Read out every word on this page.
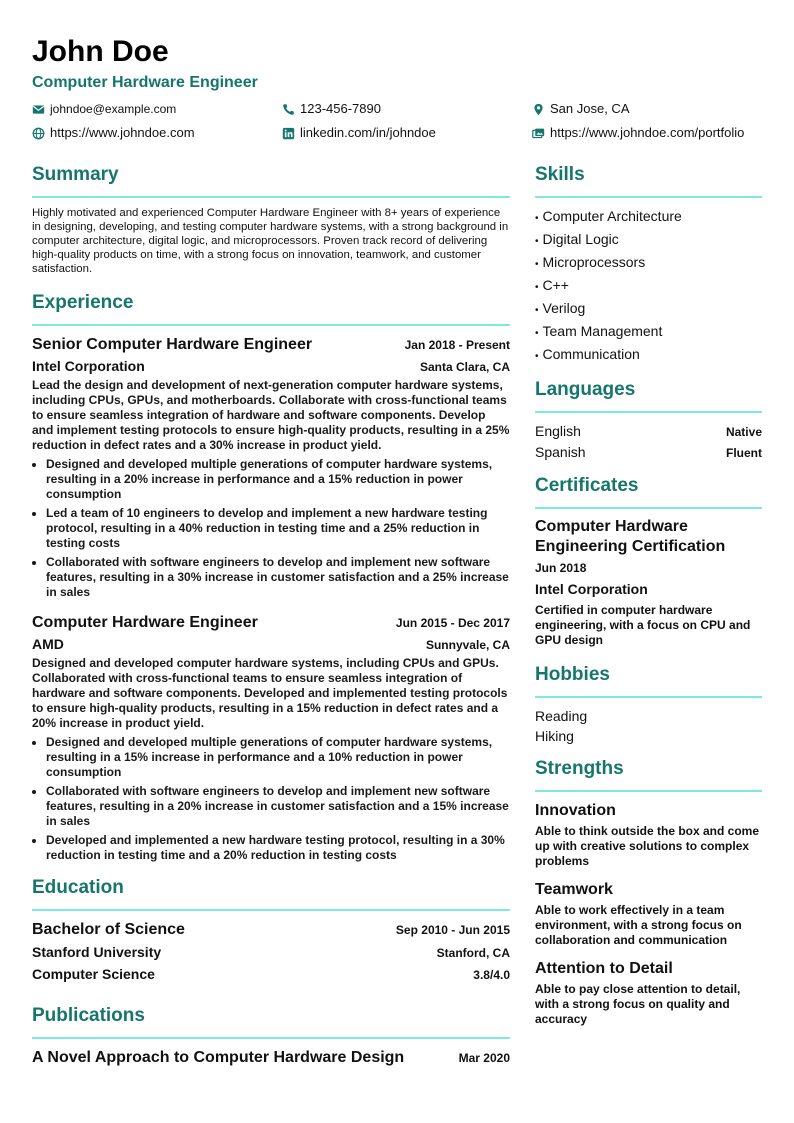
John Doe
Computer Hardware Engineer
johndoe@example.com	123-456-7890	San Jose, CA
https://www.johndoe.com	linkedin.com/in/johndoe	https://www.johndoe.com/portfolio
Summary

Highly motivated and experienced Computer Hardware Engineer with 8+ years of experience in designing, developing, and testing computer hardware systems, with a strong background in computer architecture, digital logic, and microprocessors. Proven track record of delivering high-quality products on time, with a strong focus on innovation, teamwork, and customer satisfaction.

Experience
Senior Computer Hardware Engineer	Jan 2018 - Present
Intel Corporation	Santa Clara, CA
Lead the design and development of next-generation computer hardware systems, including CPUs, GPUs, and motherboards. Collaborate with cross-functional teams to ensure seamless integration of hardware and software components. Develop and implement testing protocols to ensure high-quality products, resulting in a 25% reduction in defect rates and a 30% increase in product yield.
• Designed and developed multiple generations of computer hardware systems, resulting in a 20% increase in performance and a 15% reduction in power consumption
• Led a team of 10 engineers to develop and implement a new hardware testing protocol, resulting in a 40% reduction in testing time and a 25% reduction in testing costs
• Collaborated with software engineers to develop and implement new software features, resulting in a 30% increase in customer satisfaction and a 25% increase in sales
Computer Hardware Engineer	Jun 2015 - Dec 2017
AMD	Sunnyvale, CA
Designed and developed computer hardware systems, including CPUs and GPUs. Collaborated with cross-functional teams to ensure seamless integration of hardware and software components. Developed and implemented testing protocols to ensure high-quality products, resulting in a 15% reduction in defect rates and a 20% increase in product yield.
• Designed and developed multiple generations of computer hardware systems, resulting in a 15% increase in performance and a 10% reduction in power consumption
• Collaborated with software engineers to develop and implement new software features, resulting in a 20% increase in customer satisfaction and a 15% increase in sales
• Developed and implemented a new hardware testing protocol, resulting in a 30% reduction in testing time and a 20% reduction in testing costs
Education
Bachelor of Science	Sep 2010 - Jun 2015
Stanford University	Stanford, CA
Computer Science	3.8/4.0
Publications
A Novel Approach to Computer Hardware Design	Mar 2020
Skills
• Computer Architecture
• Digital Logic
• Microprocessors
• C++
• Verilog
• Team Management
• Communication
Languages
English	Native
Spanish	Fluent
Certificates
Computer Hardware Engineering Certification
Jun 2018
Intel Corporation
Certified in computer hardware engineering, with a focus on CPU and GPU design
Hobbies
Reading
Hiking
Strengths
Innovation
Able to think outside the box and come up with creative solutions to complex problems
Teamwork
Able to work effectively in a team environment, with a strong focus on collaboration and communication
Attention to Detail
Able to pay close attention to detail, with a strong focus on quality and accuracy
